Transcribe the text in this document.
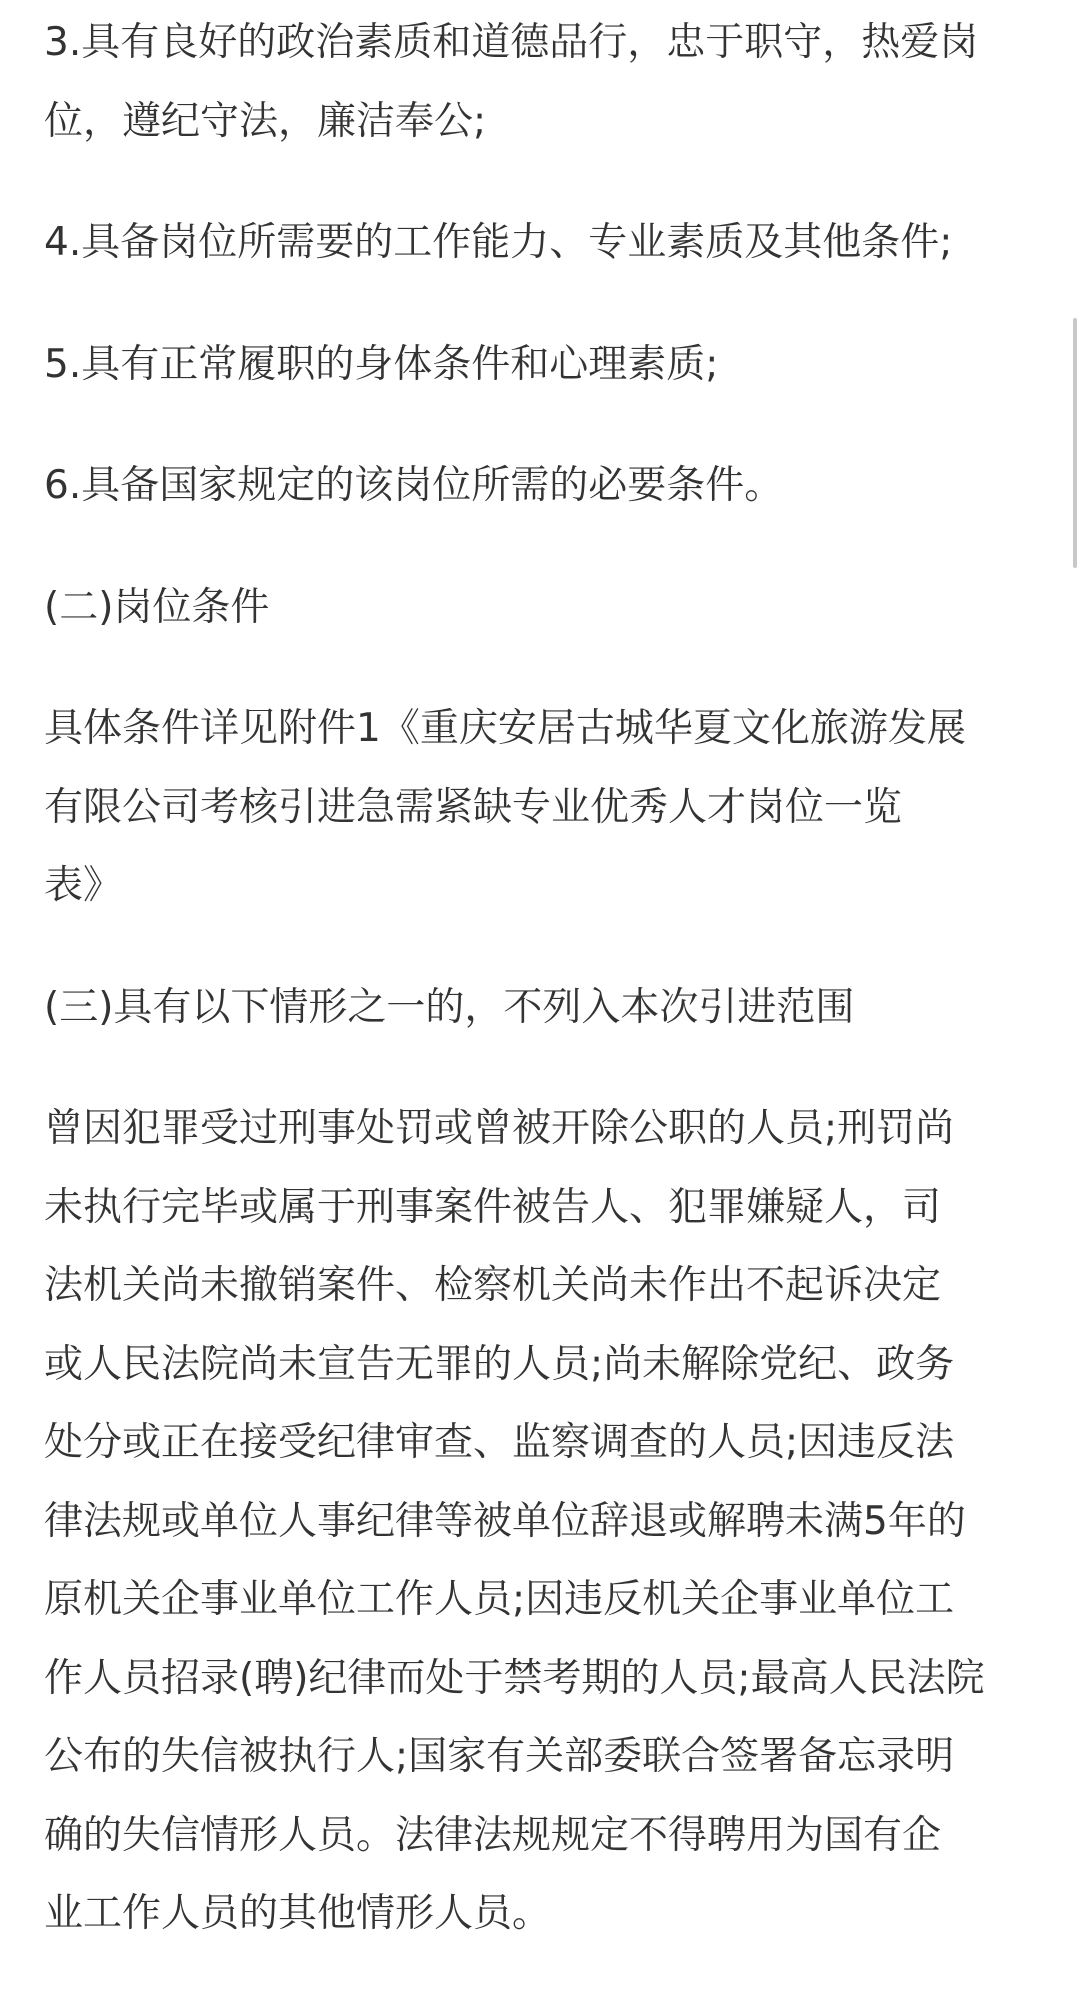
3.具有良好的政治素质和道德品行，忠于职守，热爱岗
位，遵纪守法，廉洁奉公;

4.具备岗位所需要的工作能力、专业素质及其他条件;

5.具有正常履职的身体条件和心理素质;

6.具备国家规定的该岗位所需的必要条件。

(二)岗位条件

具体条件详见附件1《重庆安居古城华夏文化旅游发展
有限公司考核引进急需紧缺专业优秀人才岗位一览
表》

(三)具有以下情形之一的，不列入本次引进范围

曾因犯罪受过刑事处罚或曾被开除公职的人员;刑罚尚
未执行完毕或属于刑事案件被告人、犯罪嫌疑人，司
法机关尚未撤销案件、检察机关尚未作出不起诉决定
或人民法院尚未宣告无罪的人员;尚未解除党纪、政务
处分或正在接受纪律审查、监察调查的人员;因违反法
律法规或单位人事纪律等被单位辞退或解聘未满5年的
原机关企事业单位工作人员;因违反机关企事业单位工
作人员招录(聘)纪律而处于禁考期的人员;最高人民法院
公布的失信被执行人;国家有关部委联合签署备忘录明
确的失信情形人员。法律法规规定不得聘用为国有企
业工作人员的其他情形人员。
